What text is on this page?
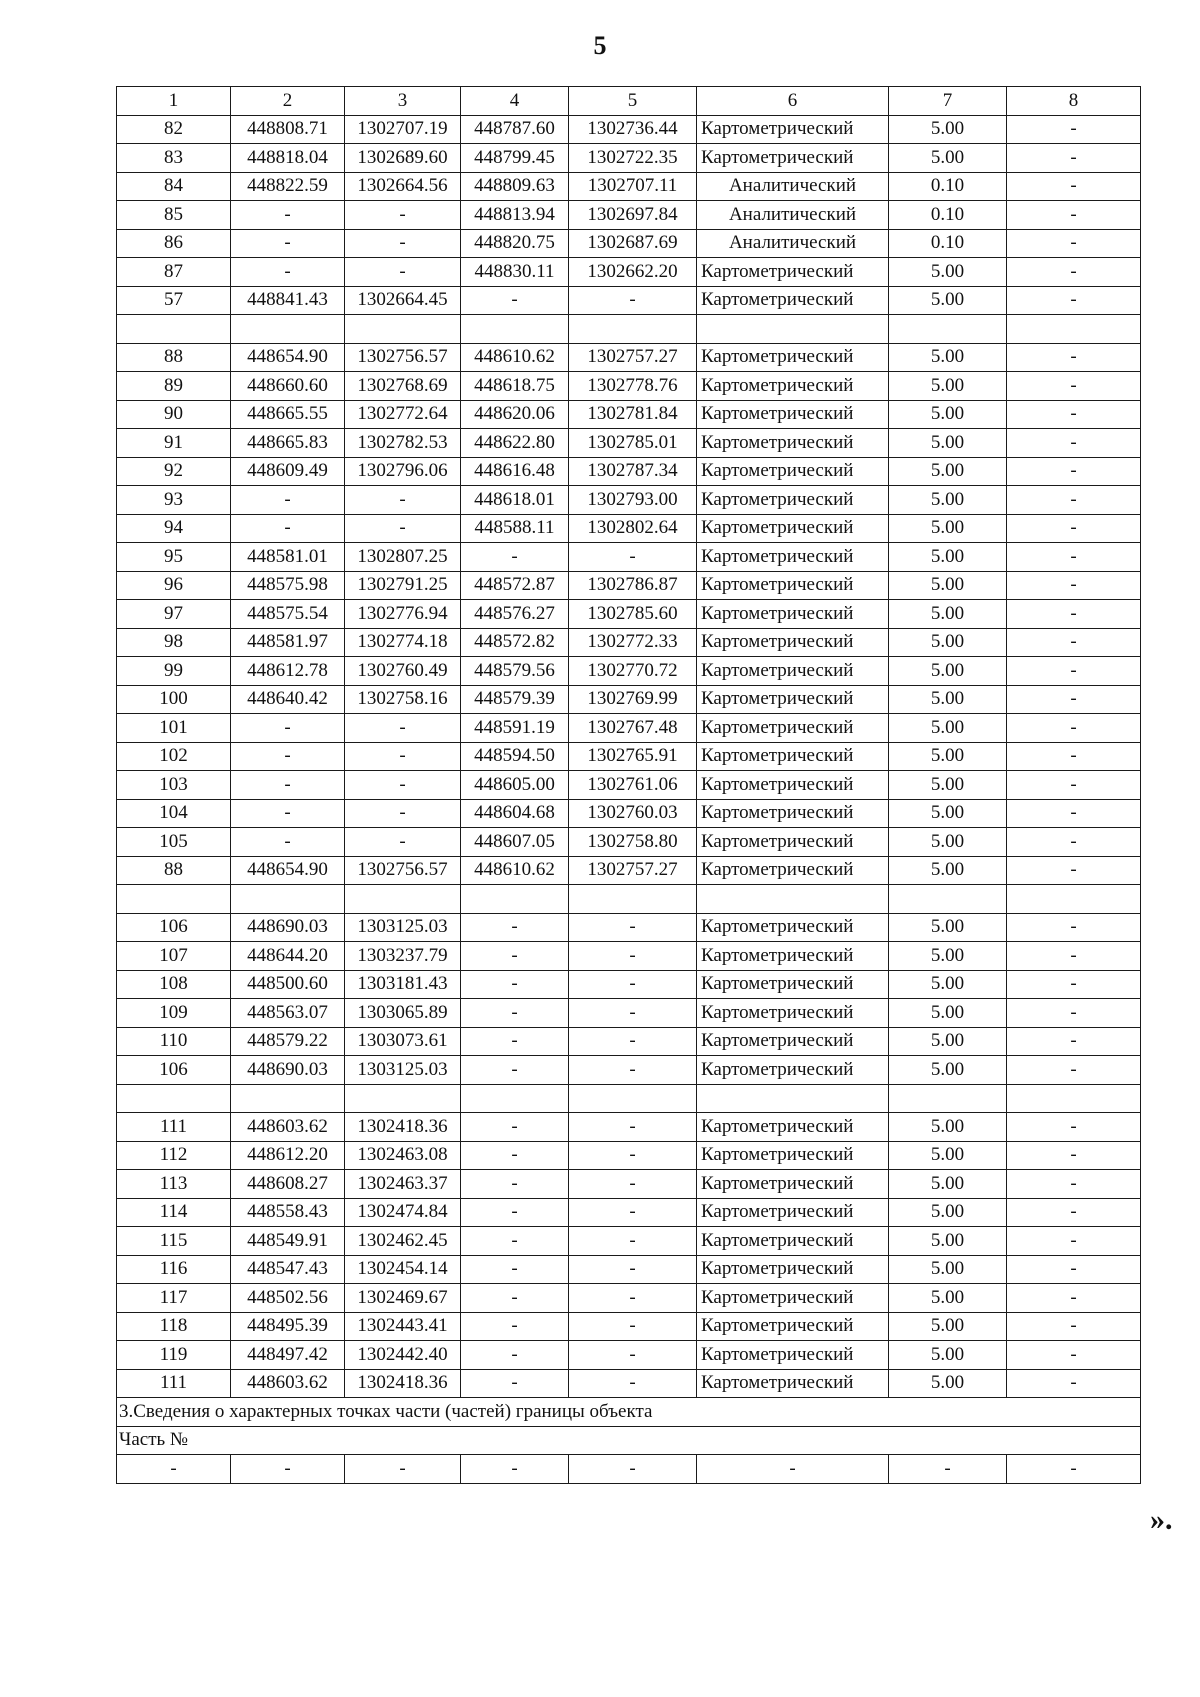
5
1	2	3	4	5	6	7	8
82	448808.71	1302707.19	448787.60	1302736.44	Картометрический	5.00	-
83	448818.04	1302689.60	448799.45	1302722.35	Картометрический	5.00	-
84	448822.59	1302664.56	448809.63	1302707.11	Аналитический	0.10	-
85	-	-	448813.94	1302697.84	Аналитический	0.10	-
86	-	-	448820.75	1302687.69	Аналитический	0.10	-
87	-	-	448830.11	1302662.20	Картометрический	5.00	-
57	448841.43	1302664.45	-	-	Картометрический	5.00	-

88	448654.90	1302756.57	448610.62	1302757.27	Картометрический	5.00	-
89	448660.60	1302768.69	448618.75	1302778.76	Картометрический	5.00	-
90	448665.55	1302772.64	448620.06	1302781.84	Картометрический	5.00	-
91	448665.83	1302782.53	448622.80	1302785.01	Картометрический	5.00	-
92	448609.49	1302796.06	448616.48	1302787.34	Картометрический	5.00	-
93	-	-	448618.01	1302793.00	Картометрический	5.00	-
94	-	-	448588.11	1302802.64	Картометрический	5.00	-
95	448581.01	1302807.25	-	-	Картометрический	5.00	-
96	448575.98	1302791.25	448572.87	1302786.87	Картометрический	5.00	-
97	448575.54	1302776.94	448576.27	1302785.60	Картометрический	5.00	-
98	448581.97	1302774.18	448572.82	1302772.33	Картометрический	5.00	-
99	448612.78	1302760.49	448579.56	1302770.72	Картометрический	5.00	-
100	448640.42	1302758.16	448579.39	1302769.99	Картометрический	5.00	-
101	-	-	448591.19	1302767.48	Картометрический	5.00	-
102	-	-	448594.50	1302765.91	Картометрический	5.00	-
103	-	-	448605.00	1302761.06	Картометрический	5.00	-
104	-	-	448604.68	1302760.03	Картометрический	5.00	-
105	-	-	448607.05	1302758.80	Картометрический	5.00	-
88	448654.90	1302756.57	448610.62	1302757.27	Картометрический	5.00	-

106	448690.03	1303125.03	-	-	Картометрический	5.00	-
107	448644.20	1303237.79	-	-	Картометрический	5.00	-
108	448500.60	1303181.43	-	-	Картометрический	5.00	-
109	448563.07	1303065.89	-	-	Картометрический	5.00	-
110	448579.22	1303073.61	-	-	Картометрический	5.00	-
106	448690.03	1303125.03	-	-	Картометрический	5.00	-

111	448603.62	1302418.36	-	-	Картометрический	5.00	-
112	448612.20	1302463.08	-	-	Картометрический	5.00	-
113	448608.27	1302463.37	-	-	Картометрический	5.00	-
114	448558.43	1302474.84	-	-	Картометрический	5.00	-
115	448549.91	1302462.45	-	-	Картометрический	5.00	-
116	448547.43	1302454.14	-	-	Картометрический	5.00	-
117	448502.56	1302469.67	-	-	Картометрический	5.00	-
118	448495.39	1302443.41	-	-	Картометрический	5.00	-
119	448497.42	1302442.40	-	-	Картометрический	5.00	-
111	448603.62	1302418.36	-	-	Картометрический	5.00	-
3.Сведения о характерных точках части (частей) границы объекта							
Часть №							
-	-	-	-	-	-	-	-
».
